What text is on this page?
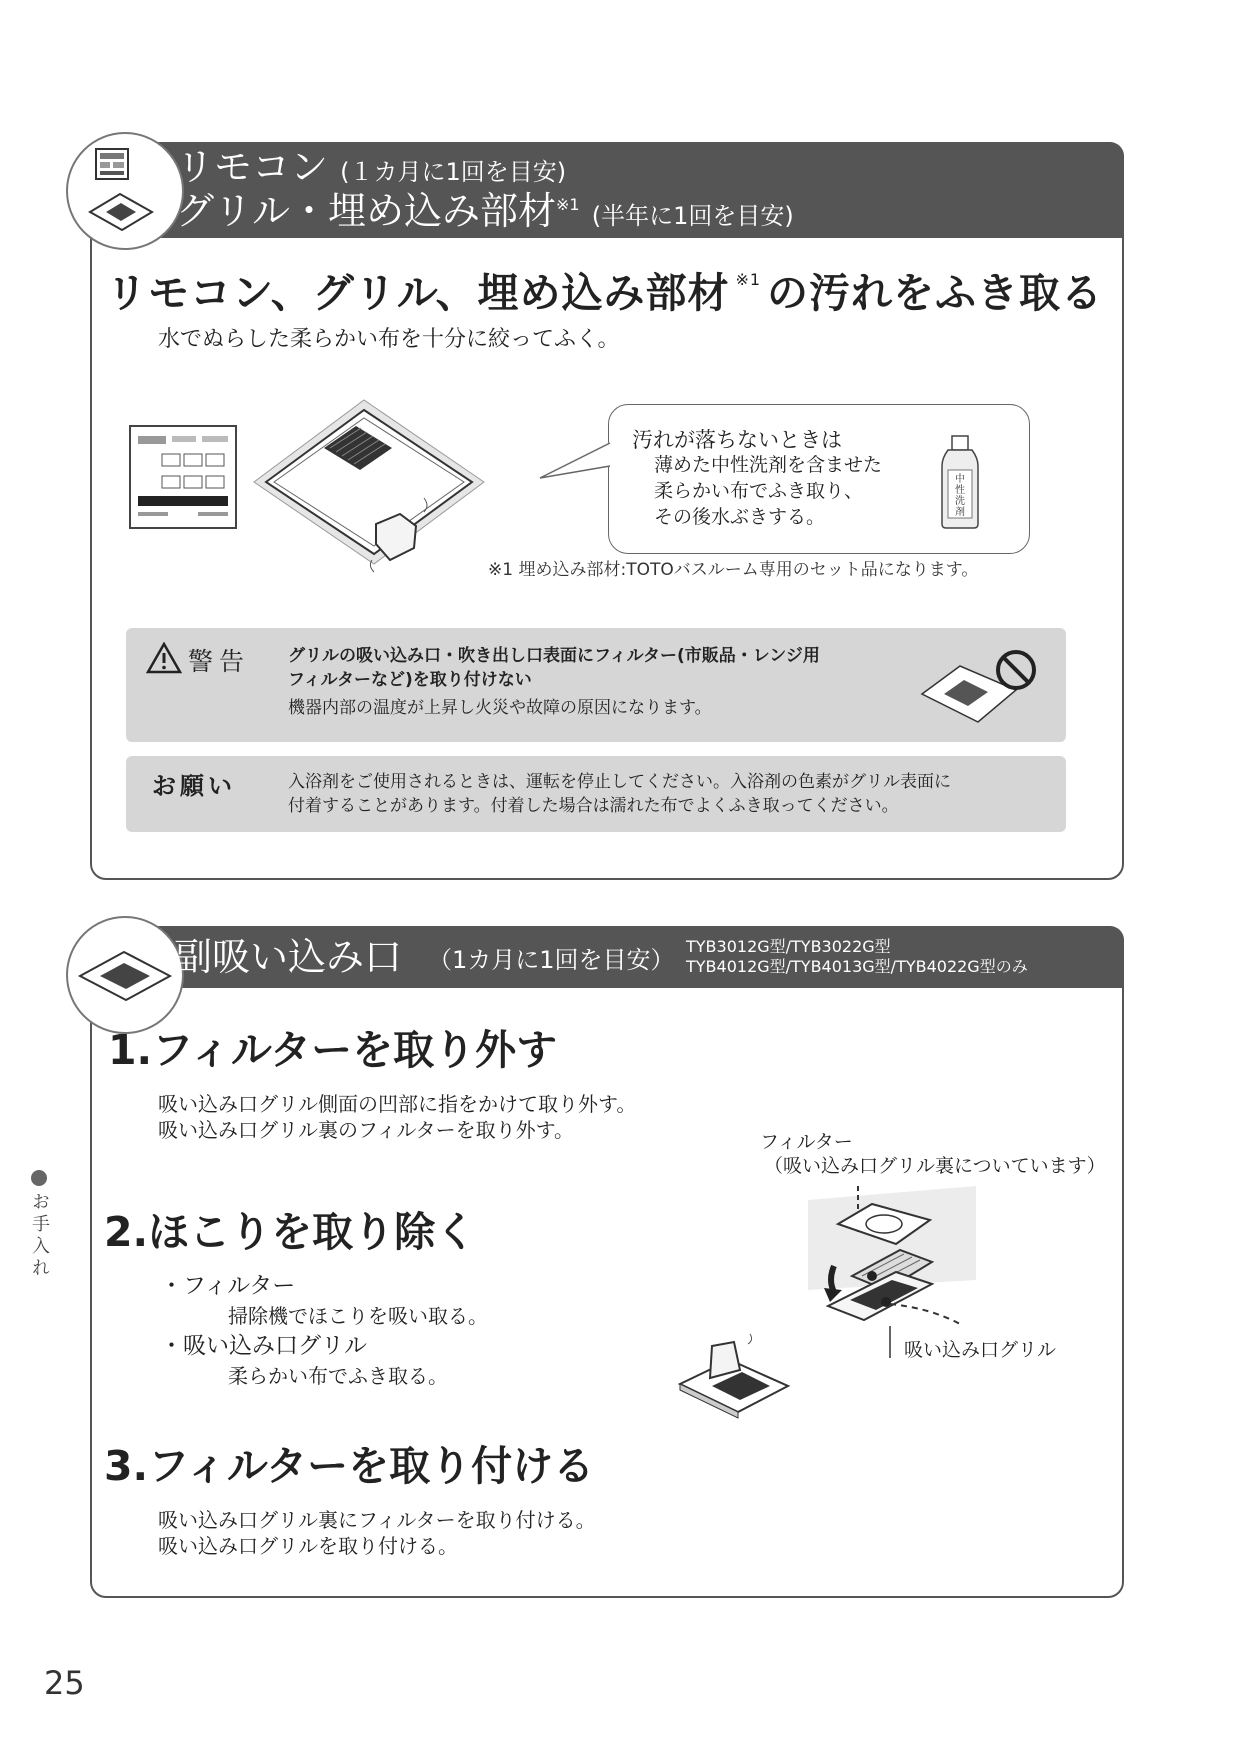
リモコン (１カ月に1回を目安)
グリル・埋め込み部材$^{※1}$ (半年に1回を目安)
リモコン、グリル、埋め込み部材 $^{※1}$ の汚れをふき取る
水でぬらした柔らかい布を十分に絞ってふく。
汚れが落ちないときは
薄めた中性洗剤を含ませた
柔らかい布でふき取り、
その後水ぶきする。
中性洗剤
※1 埋め込み部材:TOTOバスルーム専用のセット品になります。
警告 グリルの吸い込み口・吹き出し口表面にフィルター(市販品・レンジ用
フィルターなど)を取り付けない
機器内部の温度が上昇し火災や故障の原因になります。
お願い	入浴剤をご使用されるときは、運転を停止してください。入浴剤の色素がグリル表面に
付着することがあります。付着した場合は濡れた布でよくふき取ってください。
副吸い込み口 （1カ月に1回を目安） TYB3012G型/TYB3022G型
TYB4012G型/TYB4013G型/TYB4022G型のみ
1.フィルターを取り外す
吸い込み口グリル側面の凹部に指をかけて取り外す。
吸い込み口グリル裏のフィルターを取り外す。
2.ほこりを取り除く
・フィルター
掃除機でほこりを吸い取る。
・吸い込み口グリル
柔らかい布でふき取る。
3.フィルターを取り付ける
吸い込み口グリル裏にフィルターを取り付ける。
吸い込み口グリルを取り付ける。
フィルター
（吸い込み口グリル裏についています）
吸い込み口グリル
お手入れ
25
